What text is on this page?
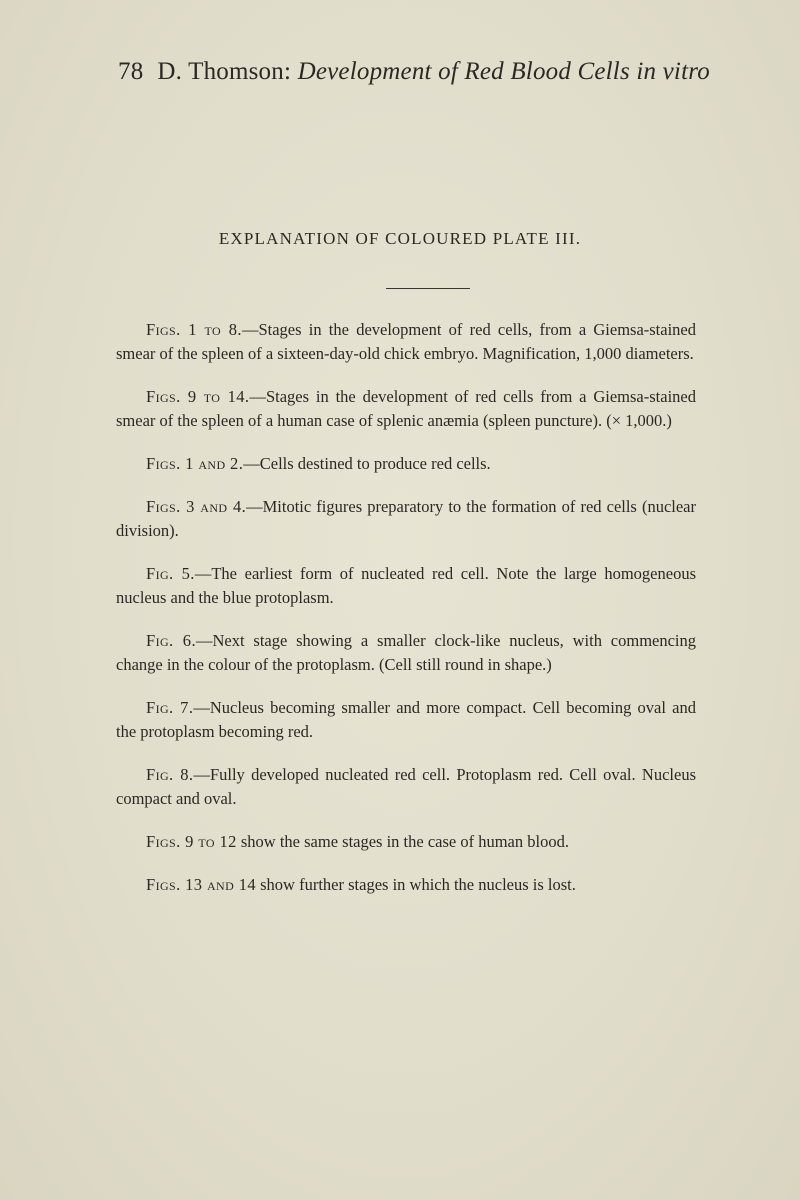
78 D. Thomson: Development of Red Blood Cells in vitro
EXPLANATION OF COLOURED PLATE III.

Figs. 1 to 8.—Stages in the development of red cells, from a Giemsa-stained smear of the spleen of a sixteen-day-old chick embryo. Magnification, 1,000 diameters.

Figs. 9 to 14.—Stages in the development of red cells from a Giemsa-stained smear of the spleen of a human case of splenic anæmia (spleen puncture). (× 1,000.)

Figs. 1 and 2.—Cells destined to produce red cells.

Figs. 3 and 4.—Mitotic figures preparatory to the formation of red cells (nuclear division).

Fig. 5.—The earliest form of nucleated red cell. Note the large homogeneous nucleus and the blue protoplasm.

Fig. 6.—Next stage showing a smaller clock-like nucleus, with commencing change in the colour of the protoplasm. (Cell still round in shape.)

Fig. 7.—Nucleus becoming smaller and more compact. Cell becoming oval and the protoplasm becoming red.

Fig. 8.—Fully developed nucleated red cell. Protoplasm red. Cell oval. Nucleus compact and oval.

Figs. 9 to 12 show the same stages in the case of human blood.

Figs. 13 and 14 show further stages in which the nucleus is lost.
